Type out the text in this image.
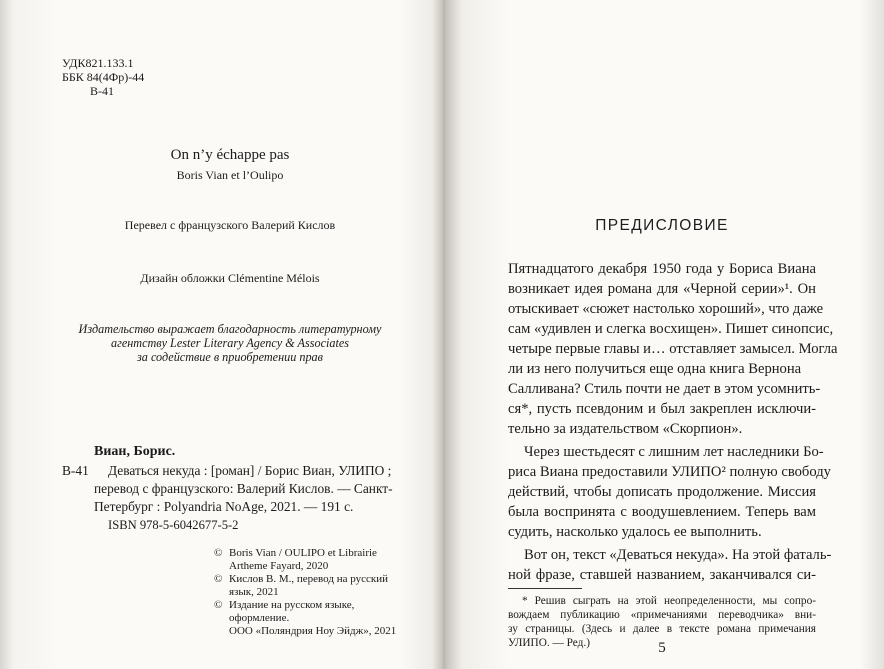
УДК821.133.1
ББК 84(4Фр)-44
В-41
On n’y échappe pas
Boris Vian et l’Oulipo
Перевел с французского Валерий Кислов
Дизайн обложки Clémentine Mélois
Издательство выражает благодарность литературному
агентству Lester Literary Agency & Associates
за содействие в приобретении прав
Виан, Борис.
В-41 Деваться некуда : [роман] / Борис Виан, УЛИПО ;
перевод с французского: Валерий Кислов. — Санкт-
Петербург : Polyandria NoAge, 2021. — 191 с.
ISBN 978-5-6042677-5-2
© Boris Vian / OULIPO et Librairie
Artheme Fayard, 2020
© Кислов В. М., перевод на русский
язык, 2021
© Издание на русском языке,
оформление.
ООО «Поляндрия Ноу Эйдж», 2021
ПРЕДИСЛОВИЕ
Пятнадцатого декабря 1950 года у Бориса Виана
возникает идея романа для «Черной серии»¹. Он
отыскивает «сюжет настолько хороший», что даже
сам «удивлен и слегка восхищен». Пишет синопсис,
четыре первые главы и… отставляет замысел. Могла
ли из него получиться еще одна книга Вернона
Салливана? Стиль почти не дает в этом усомнить-
ся*, пусть псевдоним и был закреплен исключи-
тельно за издательством «Скорпион».
Через шестьдесят с лишним лет наследники Бо-
риса Виана предоставили УЛИПО² полную свободу
действий, чтобы дописать продолжение. Миссия
была воспринята с воодушевлением. Теперь вам
судить, насколько удалось ее выполнить.
Вот он, текст «Деваться некуда». На этой фаталь-
ной фразе, ставшей названием, заканчивался си-
* Решив сыграть на этой неопределенности, мы сопро-
вождаем публикацию «примечаниями переводчика» вни-
зу страницы. (Здесь и далее в тексте романа примечания
УЛИПО. — Ред.)	5
